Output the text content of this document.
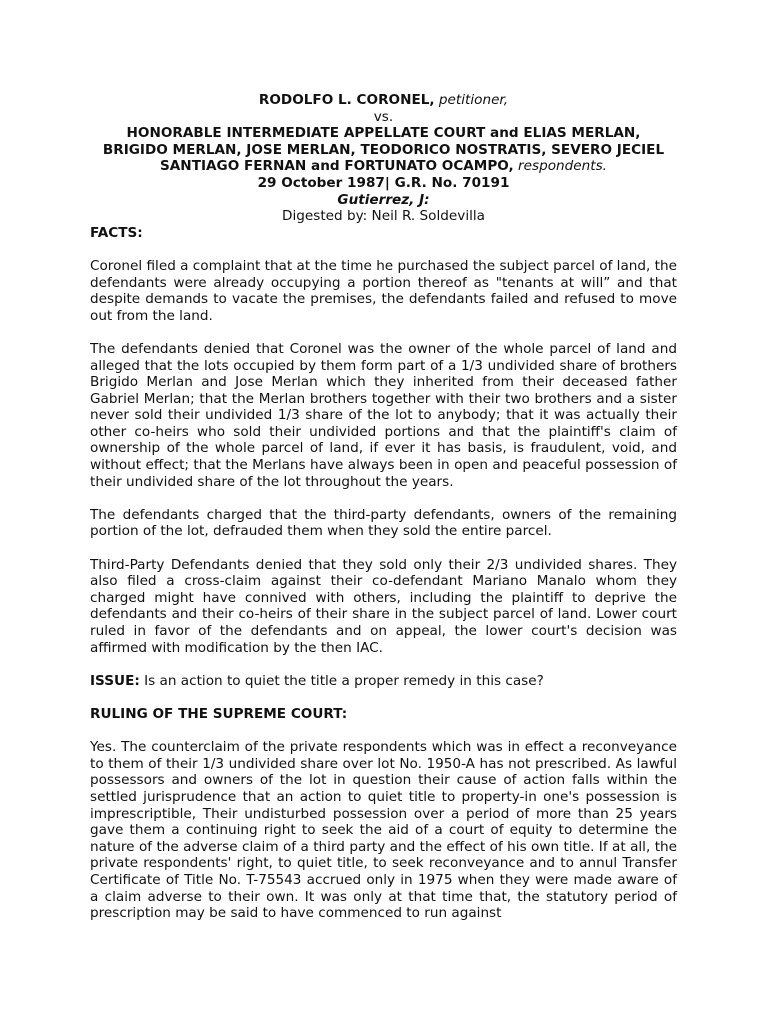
RODOLFO L. CORONEL, petitioner,
vs.
HONORABLE INTERMEDIATE APPELLATE COURT and ELIAS MERLAN,
BRIGIDO MERLAN, JOSE MERLAN, TEODORICO NOSTRATIS, SEVERO JECIEL
SANTIAGO FERNAN and FORTUNATO OCAMPO, respondents.
29 October 1987| G.R. No. 70191
Gutierrez, J:
Digested by: Neil R. Soldevilla
FACTS:

Coronel filed a complaint that at the time he purchased the subject parcel of land, the defendants were already occupying a portion thereof as "tenants at will” and that despite demands to vacate the premises, the defendants failed and refused to move out from the land.

The defendants denied that Coronel was the owner of the whole parcel of land and alleged that the lots occupied by them form part of a 1/3 undivided share of brothers Brigido Merlan and Jose Merlan which they inherited from their deceased father Gabriel Merlan; that the Merlan brothers together with their two brothers and a sister never sold their undivided 1/3 share of the lot to anybody; that it was actually their other co-heirs who sold their undivided portions and that the plaintiff's claim of ownership of the whole parcel of land, if ever it has basis, is fraudulent, void, and without effect; that the Merlans have always been in open and peaceful possession of their undivided share of the lot throughout the years.

The defendants charged that the third-party defendants, owners of the remaining portion of the lot, defrauded them when they sold the entire parcel.

Third-Party Defendants denied that they sold only their 2/3 undivided shares. They also filed a cross-claim against their co-defendant Mariano Manalo whom they charged might have connived with others, including the plaintiff to deprive the defendants and their co-heirs of their share in the subject parcel of land. Lower court ruled in favor of the defendants and on appeal, the lower court's decision was affirmed with modification by the then IAC.

ISSUE: Is an action to quiet the title a proper remedy in this case?

RULING OF THE SUPREME COURT:

Yes. The counterclaim of the private respondents which was in effect a reconveyance to them of their 1/3 undivided share over lot No. 1950-A has not prescribed. As lawful possessors and owners of the lot in question their cause of action falls within the settled jurisprudence that an action to quiet title to property-in one's possession is imprescriptible, Their undisturbed possession over a period of more than 25 years gave them a continuing right to seek the aid of a court of equity to determine the nature of the adverse claim of a third party and the effect of his own title. If at all, the private respondents' right, to quiet title, to seek reconveyance and to annul Transfer Certificate of Title No. T-75543 accrued only in 1975 when they were made aware of a claim adverse to their own. It was only at that time that, the statutory period of prescription may be said to have commenced to run against
